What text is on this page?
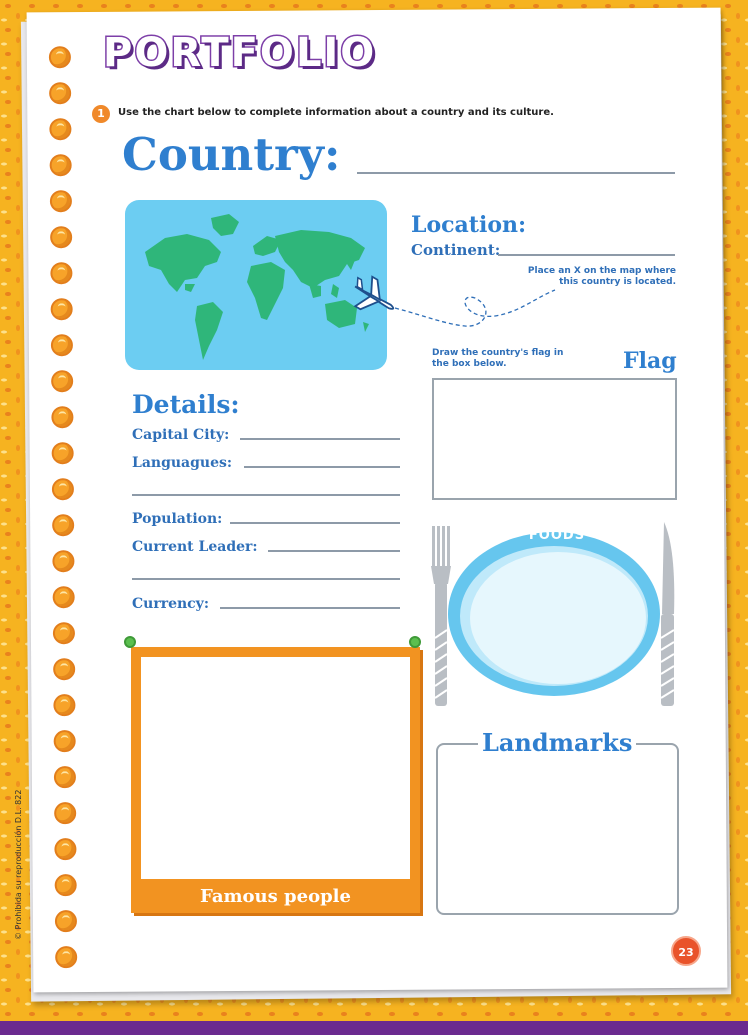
PORTFOLIO
1	Use the chart below to complete information about a country and its culture.
Country:
Location:
Continent:
Place an X on the map where this country is located.
Draw the country's flag in the box below.	Flag
Details:
Capital City:
Languagues:
Population:
Current Leader:
Currency:
FOODS
Famous people
Landmarks
23
© Prohibida su reproducción D.L. 822
